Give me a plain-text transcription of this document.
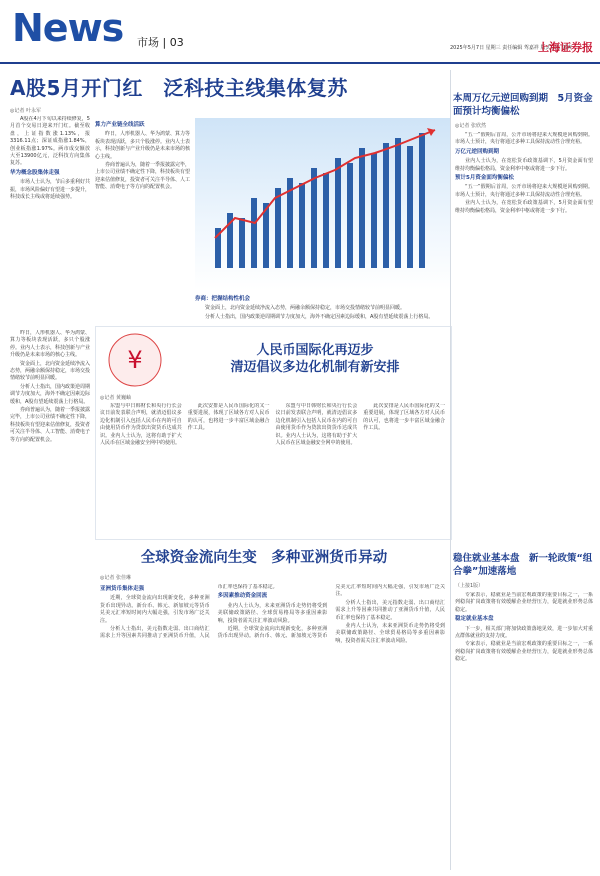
News 市场 | 03	2025年5月7日 星期三 责任编辑 驾嘉祥 版式总监 郭爽
上海证券报
A股5月开门红　泛科技主线集体复苏
◎记者 叶永军

A股在4月下旬以来持续修复，5月首个交易日迎来开门红。截至收盘，上证指数涨1.13%，报3316.11点；深证成指涨1.84%，创业板指涨1.97%。两市成交额放大至13900亿元，泛科技方向集体复苏。

华为概念股集体走强

市场人士认为，节后多重利好共振，市场风险偏好有望进一步提升，科技成长主线或将延续强势。

算力产业链全线活跃

昨日，人形机器人、华为鸿蒙、算力等板块表现活跃，多只个股涨停。业内人士表示，科技创新与产业升级仍是未来市场的核心主线。

券商普遍认为，随着一季报披露完毕，上市公司业绩不确定性下降，科技板块有望迎来估值修复，投资者可关注半导体、人工智能、消费电子等方向的配置机会。

券商：把握结构性机会

资金面上，北向资金延续净流入态势，两融余额保持稳定，市场交投情绪较节前明显回暖。

分析人士指出，国内政策逆周期调节力度加大，海外不确定因素边际缓和，A股有望延续震荡上行格局。

昨日，人形机器人、华为鸿蒙、算力等板块表现活跃，多只个股涨停。业内人士表示，科技创新与产业升级仍是未来市场的核心主线。

资金面上，北向资金延续净流入态势，两融余额保持稳定，市场交投情绪较节前明显回暖。

分析人士指出，国内政策逆周期调节力度加大，海外不确定因素边际缓和，A股有望延续震荡上行格局。

券商普遍认为，随着一季报披露完毕，上市公司业绩不确定性下降，科技板块有望迎来估值修复，投资者可关注半导体、人工智能、消费电子等方向的配置机会。

¥	人民币国际化再迈步
清迈倡议多边化机制有新安排
◎记者 黄巍岫

东盟与中日韩财长和央行行长会议日前发表联合声明，就清迈倡议多边化机制引入包括人民币在内的可自由使用货币作为贷款出资货币达成共识。业内人士认为，这将有助于扩大人民币在区域金融安全网中的使用。

此次安排是人民币国际化的又一重要进展，体现了区域各方对人民币的认可，也将进一步丰富区域金融合作工具。

东盟与中日韩财长和央行行长会议日前发表联合声明，就清迈倡议多边化机制引入包括人民币在内的可自由使用货币作为贷款出资货币达成共识。业内人士认为，这将有助于扩大人民币在区域金融安全网中的使用。

此次安排是人民币国际化的又一重要进展，体现了区域各方对人民币的认可，也将进一步丰富区域金融合作工具。

全球资金流向生变　多种亚洲货币异动
◎记者 张佳琳
亚洲货币集体走强

近期，全球资金流向出现新变化，多种亚洲货币出现异动。新台币、韩元、新加坡元等货币兑美元汇率短时间内大幅走强，引发市场广泛关注。

分析人士指出，美元指数走弱、出口商结汇需求上升等因素共同推动了亚洲货币升值，人民币汇率也保持了基本稳定。

多因素推动资金回流

业内人士认为，未来亚洲货币走势仍将受到美联储政策路径、全球贸易格局等多重因素影响，投资者需关注汇率波动风险。

近期，全球资金流向出现新变化，多种亚洲货币出现异动。新台币、韩元、新加坡元等货币兑美元汇率短时间内大幅走强，引发市场广泛关注。

分析人士指出，美元指数走弱、出口商结汇需求上升等因素共同推动了亚洲货币升值，人民币汇率也保持了基本稳定。

业内人士认为，未来亚洲货币走势仍将受到美联储政策路径、全球贸易格局等多重因素影响，投资者需关注汇率波动风险。

本周万亿元逆回购到期　5月资金面预计均衡偏松
◎记者 张欣然

“五一”假期后首周，公开市场将迎来大规模逆回购到期。市场人士预计，央行将通过多种工具保持流动性合理充裕。

万亿元逆回购到期

业内人士认为，在宽松货币政策基调下，5月资金面有望维持均衡偏松格局，资金利率中枢或将进一步下行。

预计5月资金面均衡偏松

“五一”假期后首周，公开市场将迎来大规模逆回购到期。市场人士预计，央行将通过多种工具保持流动性合理充裕。

业内人士认为，在宽松货币政策基调下，5月资金面有望维持均衡偏松格局，资金利率中枢或将进一步下行。

稳住就业基本盘　新一轮政策“组合拳”加速落地
（上接1版）

专家表示，稳就业是当前宏观政策的重要目标之一，一系列稳岗扩岗政策将有效缓解企业经营压力，促进就业形势总体稳定。

稳定就业基本盘

下一步，相关部门将加快政策落地见效，进一步加大对重点群体就业的支持力度。

专家表示，稳就业是当前宏观政策的重要目标之一，一系列稳岗扩岗政策将有效缓解企业经营压力，促进就业形势总体稳定。
